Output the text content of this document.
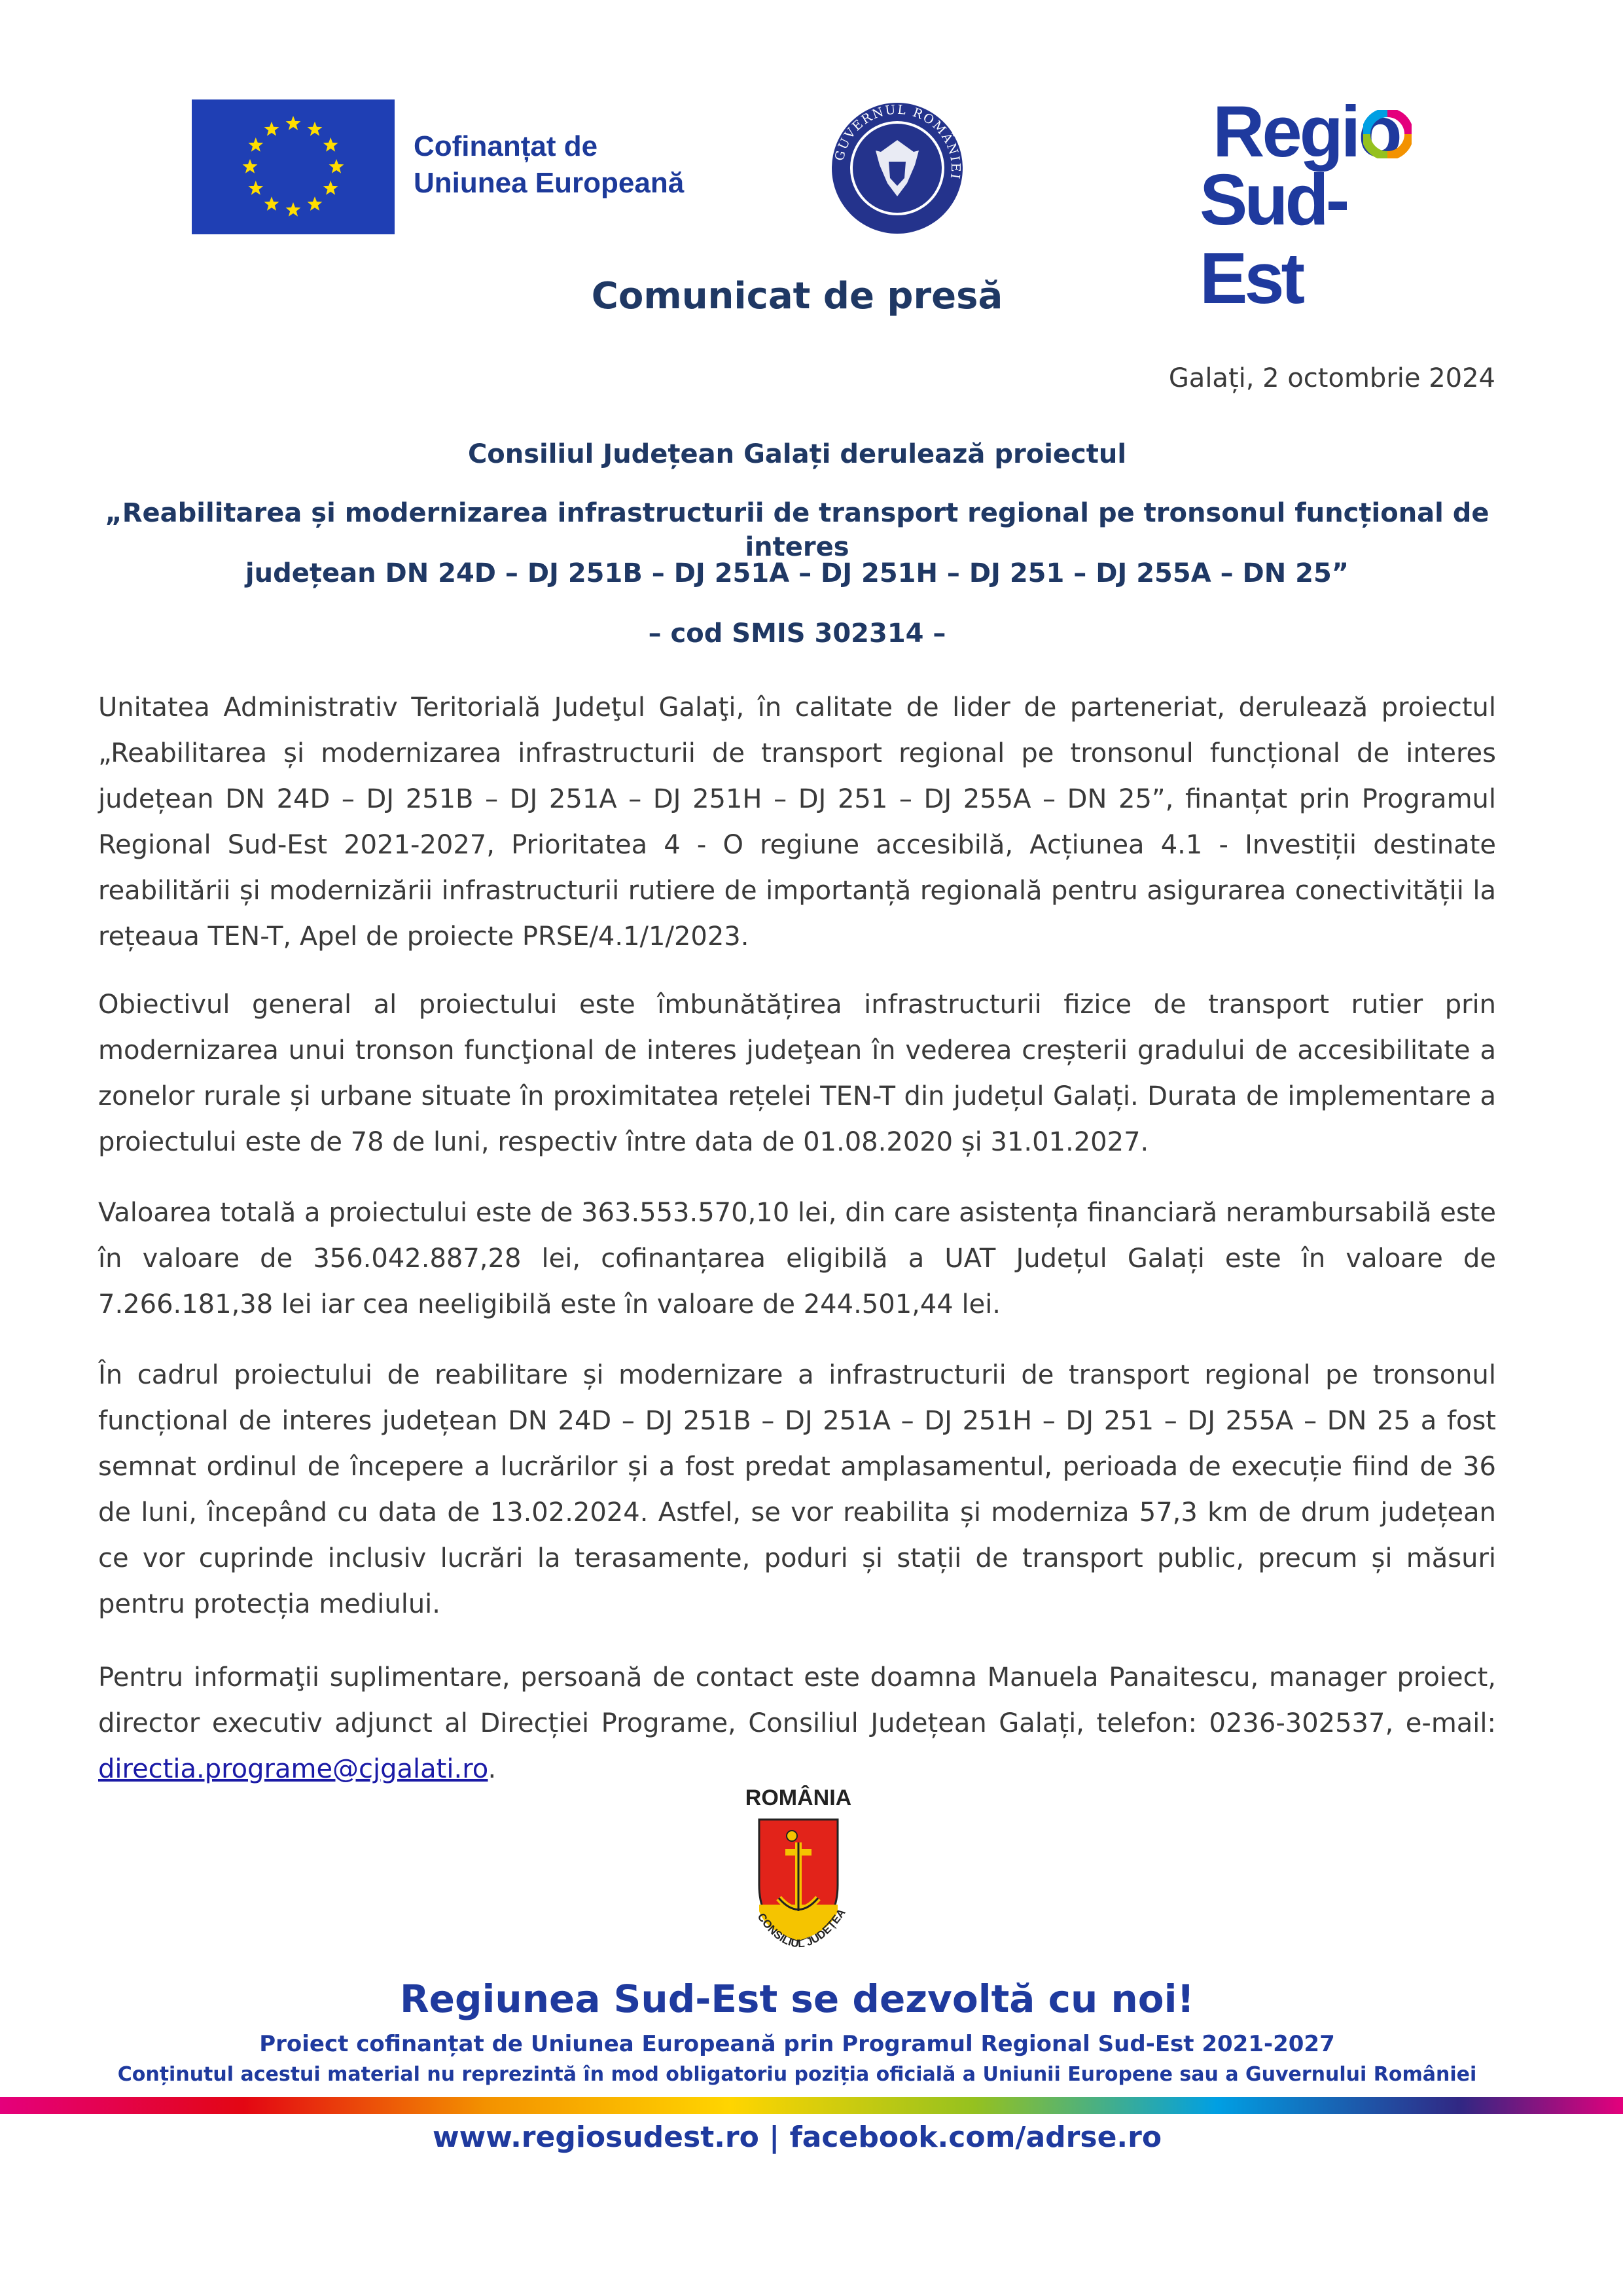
Cofinanțat de
Uniunea Europeană
GUVERNUL ROMÂNIEI
Regio
Sud-Est
Comunicat de presă
Galați, 2 octombrie 2024
Consiliul Județean Galați derulează proiectul
„Reabilitarea și modernizarea infrastructurii de transport regional pe tronsonul funcțional de interes
județean DN 24D – DJ 251B – DJ 251A – DJ 251H – DJ 251 – DJ 255A – DN 25”
– cod SMIS 302314 –
Unitatea Administrativ Teritorială Judeţul Galaţi, în calitate de lider de parteneriat, derulează proiectul „Reabilitarea și modernizarea infrastructurii de transport regional pe tronsonul funcțional de interes județean DN 24D – DJ 251B – DJ 251A – DJ 251H – DJ 251 – DJ 255A – DN 25”, finanțat prin Programul Regional Sud-Est 2021-2027, Prioritatea 4 - O regiune accesibilă, Acțiunea 4.1 - Investiții destinate reabilitării și modernizării infrastructurii rutiere de importanță regională pentru asigurarea conectivității la rețeaua TEN-T, Apel de proiecte PRSE/4.1/1/2023.
Obiectivul general al proiectului este îmbunătățirea infrastructurii fizice de transport rutier prin modernizarea unui tronson funcţional de interes judeţean în vederea creșterii gradului de accesibilitate a zonelor rurale și urbane situate în proximitatea rețelei TEN-T din județul Galați. Durata de implementare a proiectului este de 78 de luni, respectiv între data de 01.08.2020 și 31.01.2027.
Valoarea totală a proiectului este de 363.553.570,10 lei, din care asistența financiară nerambursabilă este în valoare de 356.042.887,28 lei, cofinanțarea eligibilă a UAT Județul Galați este în valoare de 7.266.181,38 lei iar cea neeligibilă este în valoare de 244.501,44 lei.
În cadrul proiectului de reabilitare și modernizare a infrastructurii de transport regional pe tronsonul funcțional de interes județean DN 24D – DJ 251B – DJ 251A – DJ 251H – DJ 251 – DJ 255A – DN 25 a fost semnat ordinul de începere a lucrărilor și a fost predat amplasamentul, perioada de execuție fiind de 36 de luni, începând cu data de 13.02.2024. Astfel, se vor reabilita și moderniza 57,3 km de drum județean ce vor cuprinde inclusiv lucrări la terasamente, poduri și stații de transport public, precum și măsuri pentru protecția mediului.
Pentru informaţii suplimentare, persoană de contact este doamna Manuela Panaitescu, manager proiect, director executiv adjunct al Direcției Programe, Consiliul Județean Galați, telefon: 0236-302537, e-mail: directia.programe@cjgalati.ro.
ROMÂNIA
CONSILIUL JUDEȚEA
Regiunea Sud-Est se dezvoltă cu noi!
Proiect cofinanțat de Uniunea Europeană prin Programul Regional Sud-Est 2021-2027
Conținutul acestui material nu reprezintă în mod obligatoriu poziția oficială a Uniunii Europene sau a Guvernului României
www.regiosudest.ro | facebook.com/adrse.ro
